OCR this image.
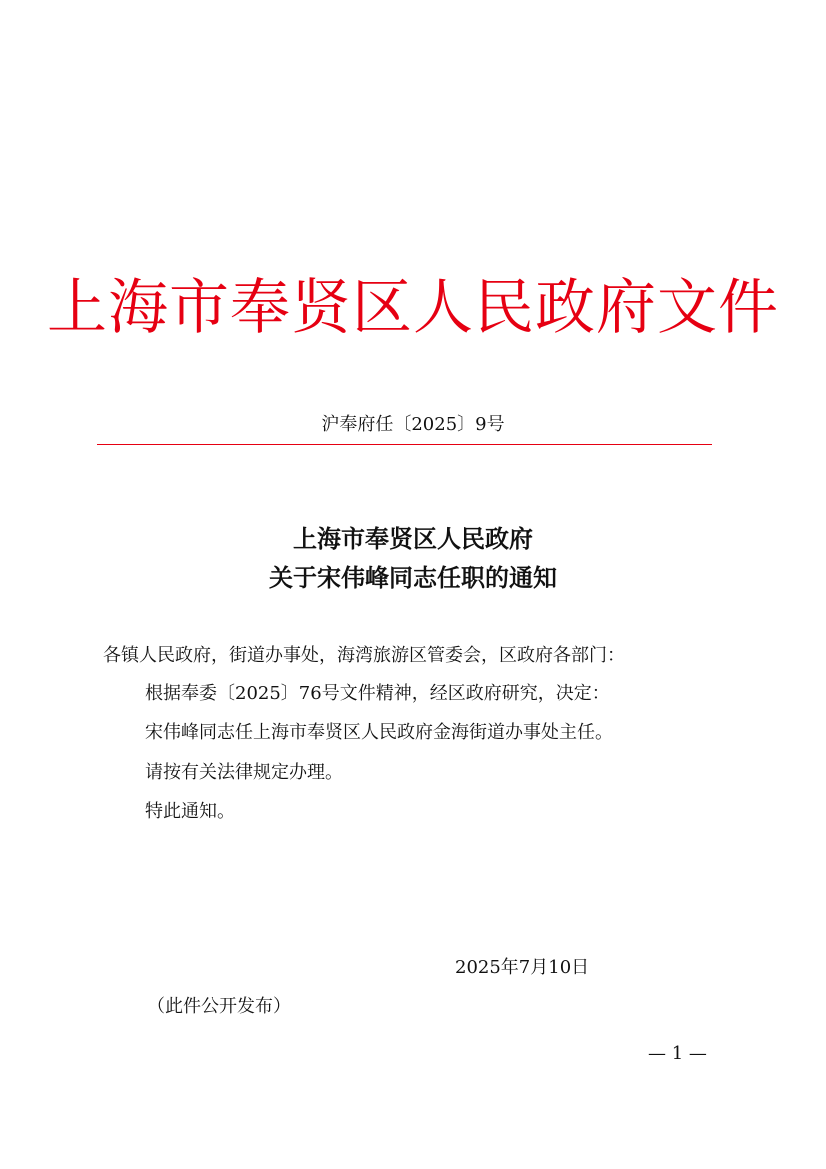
上海市奉贤区人民政府文件
沪奉府任〔2025〕9号
上海市奉贤区人民政府
关于宋伟峰同志任职的通知
各镇人民政府，街道办事处，海湾旅游区管委会，区政府各部门：
根据奉委〔2025〕76号文件精神，经区政府研究，决定：
宋伟峰同志任上海市奉贤区人民政府金海街道办事处主任。
请按有关法律规定办理。
特此通知。
2025年7月10日
（此件公开发布）
— 1 —
